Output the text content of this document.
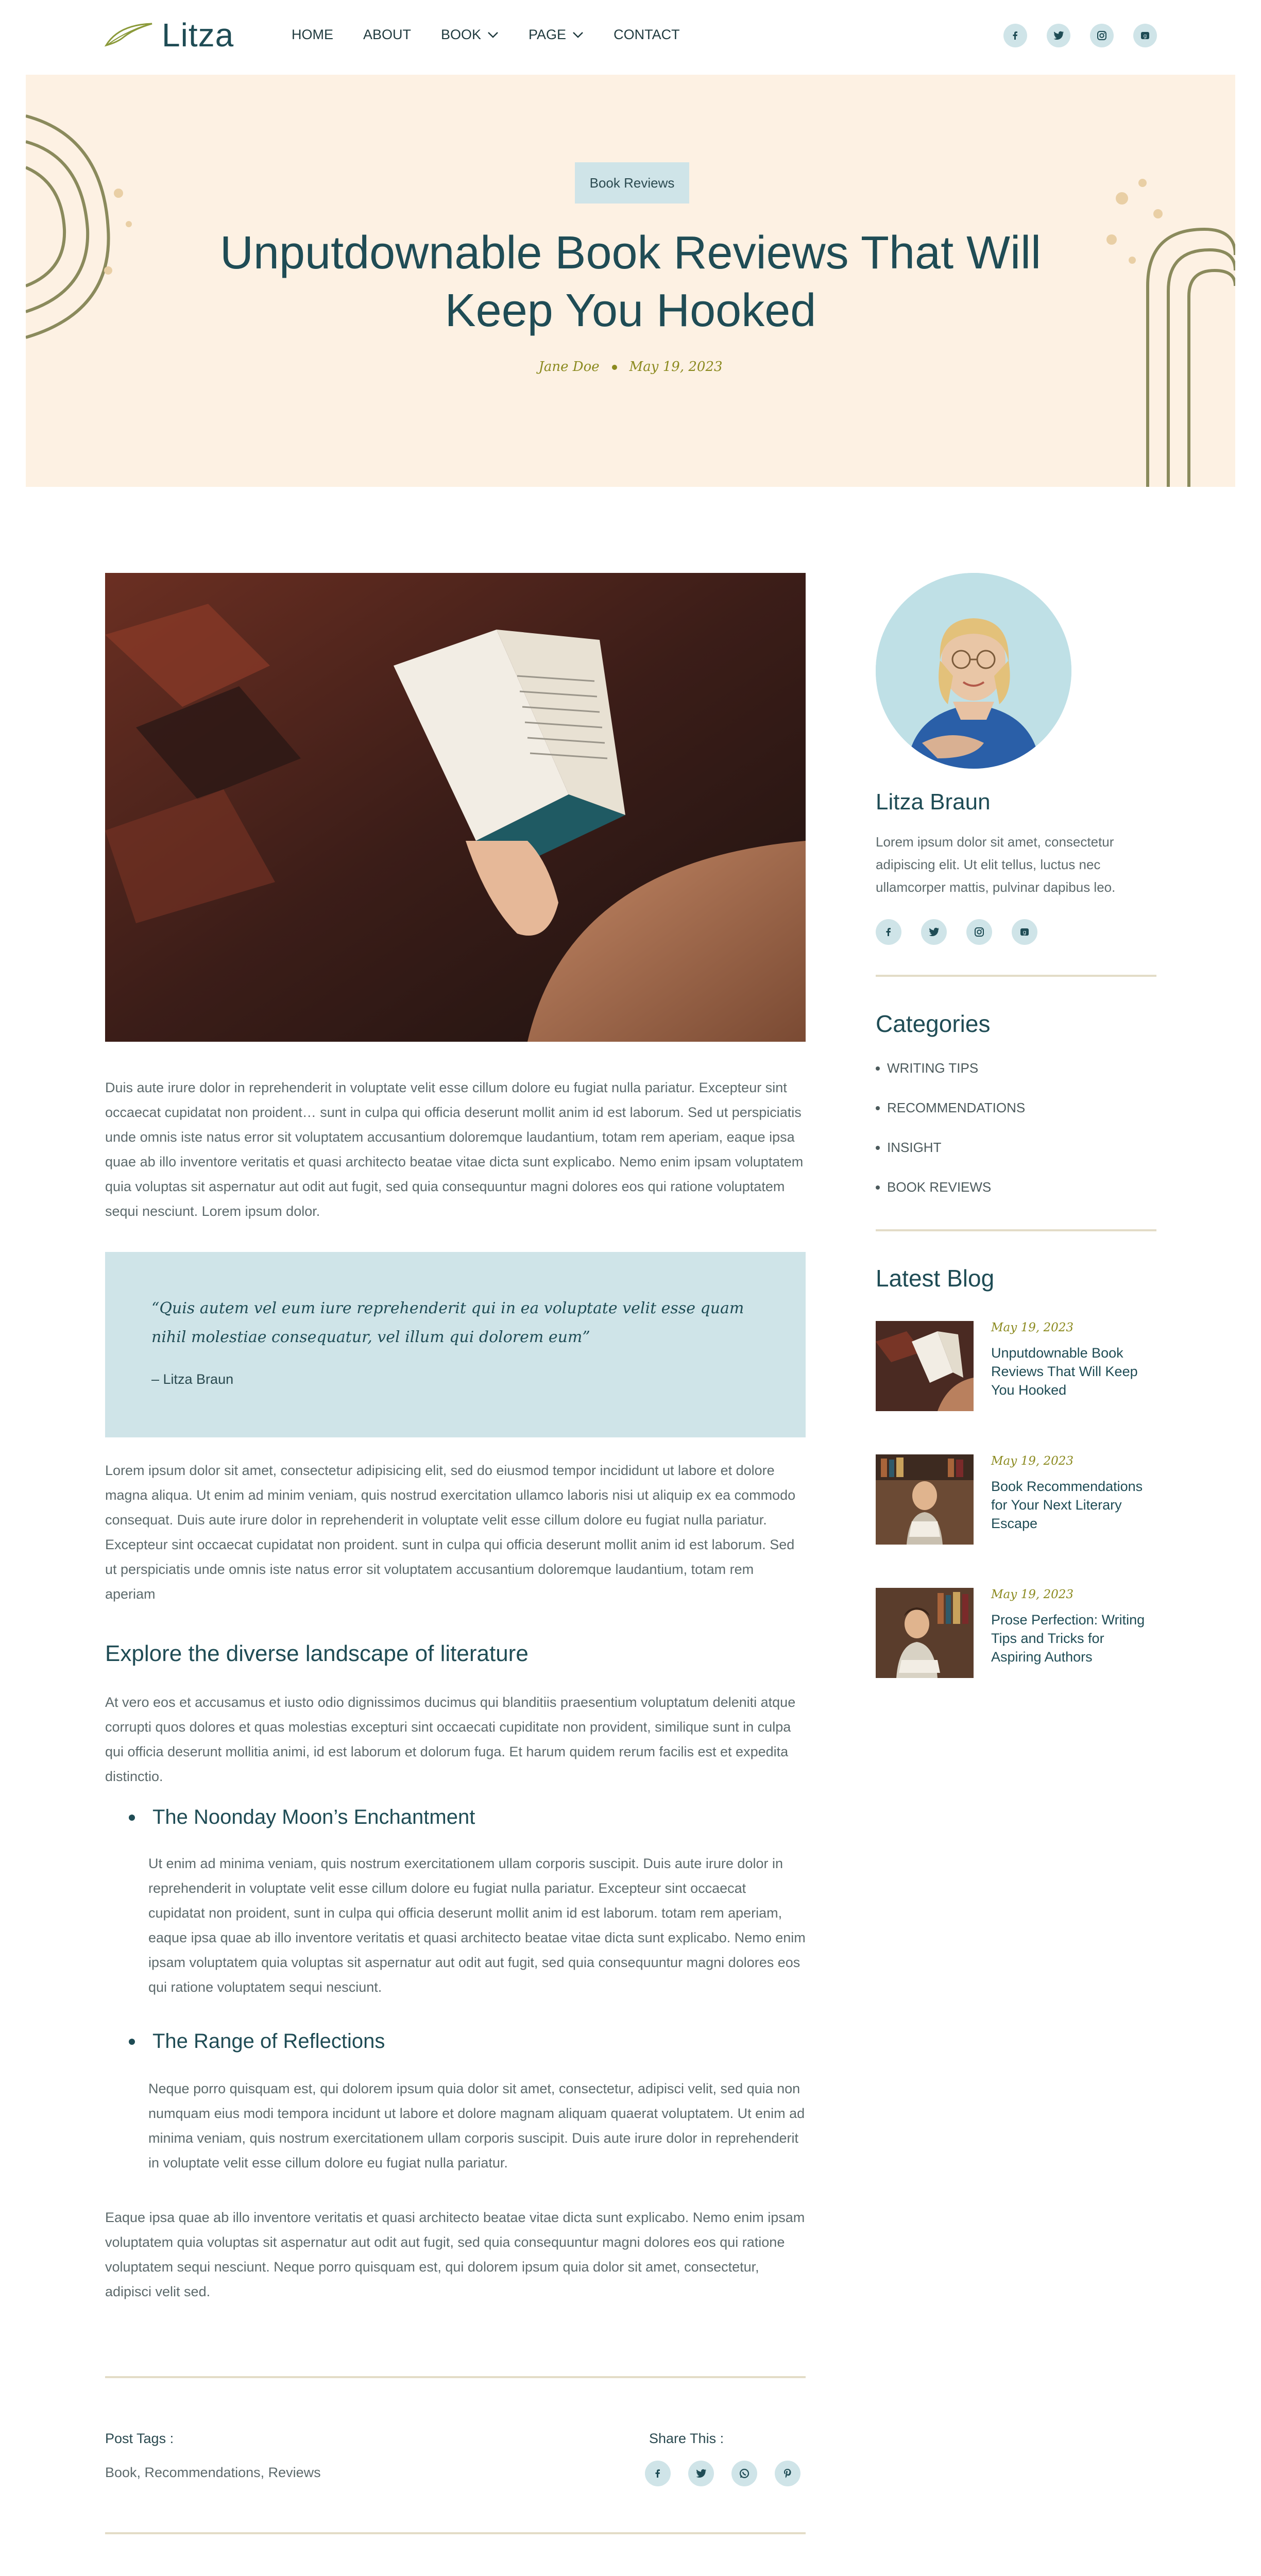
Litza	HOME ABOUT BOOK	PAGE	CONTACT	g
Book Reviews
Unputdownable Book Reviews That Will Keep You Hooked
Jane Doe May 19, 2023

Duis aute irure dolor in reprehenderit in voluptate velit esse cillum dolore eu fugiat nulla pariatur. Excepteur sint occaecat cupidatat non proident… sunt in culpa qui officia deserunt mollit anim id est laborum. Sed ut perspiciatis unde omnis iste natus error sit voluptatem accusantium doloremque laudantium, totam rem aperiam, eaque ipsa quae ab illo inventore veritatis et quasi architecto beatae vitae dicta sunt explicabo. Nemo enim ipsam voluptatem quia voluptas sit aspernatur aut odit aut fugit, sed quia consequuntur magni dolores eos qui ratione voluptatem sequi nesciunt. Lorem ipsum dolor.

“Quis autem vel eum iure reprehenderit qui in ea voluptate velit esse quam nihil molestiae consequatur, vel illum qui dolorem eum”
– Litza Braun

Lorem ipsum dolor sit amet, consectetur adipisicing elit, sed do eiusmod tempor incididunt ut labore et dolore magna aliqua. Ut enim ad minim veniam, quis nostrud exercitation ullamco laboris nisi ut aliquip ex ea commodo consequat. Duis aute irure dolor in reprehenderit in voluptate velit esse cillum dolore eu fugiat nulla pariatur. Excepteur sint occaecat cupidatat non proident. sunt in culpa qui officia deserunt mollit anim id est laborum. Sed ut perspiciatis unde omnis iste natus error sit voluptatem accusantium doloremque laudantium, totam rem aperiam

Explore the diverse landscape of literature

At vero eos et accusamus et iusto odio dignissimos ducimus qui blanditiis praesentium voluptatum deleniti atque corrupti quos dolores et quas molestias excepturi sint occaecati cupiditate non provident, similique sunt in culpa qui officia deserunt mollitia animi, id est laborum et dolorum fuga. Et harum quidem rerum facilis est et expedita distinctio.

The Noonday Moon’s Enchantment

Ut enim ad minima veniam, quis nostrum exercitationem ullam corporis suscipit. Duis aute irure dolor in reprehenderit in voluptate velit esse cillum dolore eu fugiat nulla pariatur. Excepteur sint occaecat cupidatat non proident, sunt in culpa qui officia deserunt mollit anim id est laborum. totam rem aperiam, eaque ipsa quae ab illo inventore veritatis et quasi architecto beatae vitae dicta sunt explicabo. Nemo enim ipsam voluptatem quia voluptas sit aspernatur aut odit aut fugit, sed quia consequuntur magni dolores eos qui ratione voluptatem sequi nesciunt.

The Range of Reflections

Neque porro quisquam est, qui dolorem ipsum quia dolor sit amet, consectetur, adipisci velit, sed quia non numquam eius modi tempora incidunt ut labore et dolore magnam aliquam quaerat voluptatem. Ut enim ad minima veniam, quis nostrum exercitationem ullam corporis suscipit. Duis aute irure dolor in reprehenderit in voluptate velit esse cillum dolore eu fugiat nulla pariatur.

Eaque ipsa quae ab illo inventore veritatis et quasi architecto beatae vitae dicta sunt explicabo. Nemo enim ipsam voluptatem quia voluptas sit aspernatur aut odit aut fugit, sed quia consequuntur magni dolores eos qui ratione voluptatem sequi nesciunt. Neque porro quisquam est, qui dolorem ipsum quia dolor sit amet, consectetur, adipisci velit sed.

Post Tags :
Book, Recommendations, Reviews
Share This :
Litza Braun

Lorem ipsum dolor sit amet, consectetur adipiscing elit. Ut elit tellus, luctus nec ullamcorper mattis, pulvinar dapibus leo.

g
Categories
WRITING TIPS
RECOMMENDATIONS
INSIGHT
BOOK REVIEWS
Latest Blog
May 19, 2023
Unputdownable Book Reviews That Will Keep You Hooked
May 19, 2023
Book Recommendations for Your Next Literary Escape
May 19, 2023
Prose Perfection: Writing Tips and Tricks for Aspiring Authors
